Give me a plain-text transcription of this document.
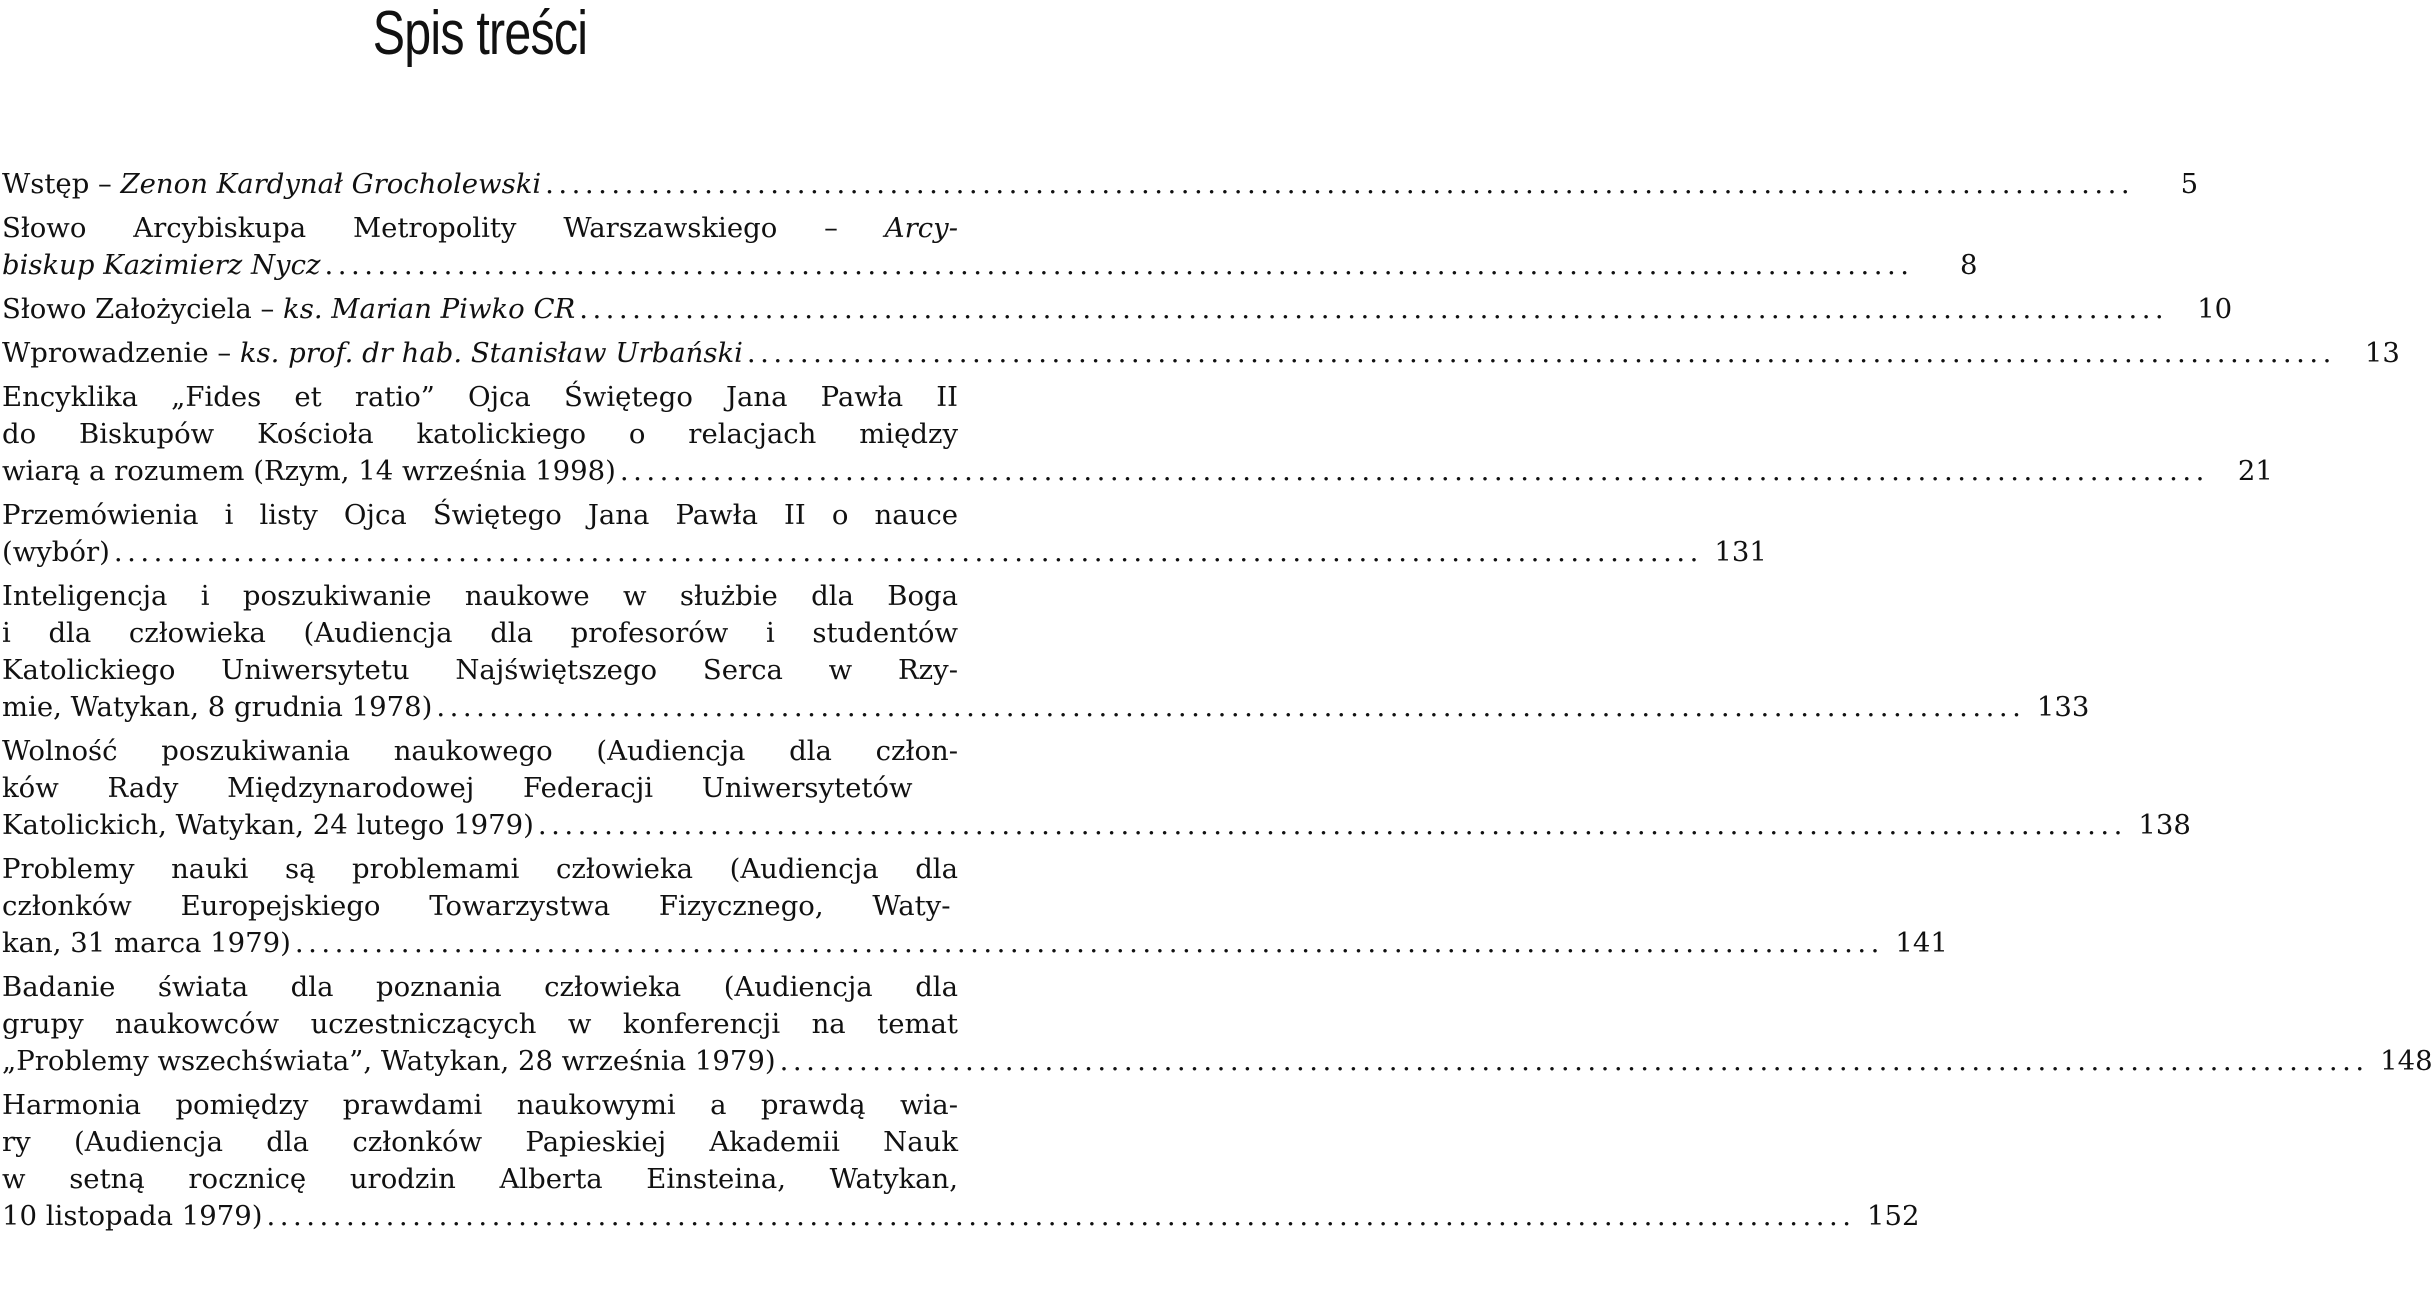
Spis treści
Wstęp – Zenon Kardynał Grocholewski ........................................................................................................................	5
Słowo Arcybiskupa Metropolity Warszawskiego – Arcy-
biskup Kazimierz Nycz ........................................................................................................................	8
Słowo Założyciela – ks. Marian Piwko CR ........................................................................................................................	10
Wprowadzenie – ks. prof. dr hab. Stanisław Urbański ........................................................................................................................	13
Encyklika „Fides et ratio” Ojca Świętego Jana Pawła II
do Biskupów Kościoła katolickiego o relacjach między
wiarą a rozumem (Rzym, 14 września 1998) ........................................................................................................................	21
Przemówienia i listy Ojca Świętego Jana Pawła II o nauce
(wybór) ........................................................................................................................ 131
Inteligencja i poszukiwanie naukowe w służbie dla Boga
i dla człowieka (Audiencja dla profesorów i studentów
Katolickiego Uniwersytetu Najświętszego Serca w Rzy-
mie, Watykan, 8 grudnia 1978) ........................................................................................................................ 133
Wolność poszukiwania naukowego (Audiencja dla człon-
ków Rady Międzynarodowej Federacji Uniwersytetów
Katolickich, Watykan, 24 lutego 1979) ........................................................................................................................ 138
Problemy nauki są problemami człowieka (Audiencja dla
członków Europejskiego Towarzystwa Fizycznego, Waty-
kan, 31 marca 1979) ........................................................................................................................ 141
Badanie świata dla poznania człowieka (Audiencja dla
grupy naukowców uczestniczących w konferencji na temat
„Problemy wszechświata”, Watykan, 28 września 1979) ........................................................................................................................ 148
Harmonia pomiędzy prawdami naukowymi a prawdą wia-
ry (Audiencja dla członków Papieskiej Akademii Nauk
w setną rocznicę urodzin Alberta Einsteina, Watykan,
10 listopada 1979) ........................................................................................................................ 152
